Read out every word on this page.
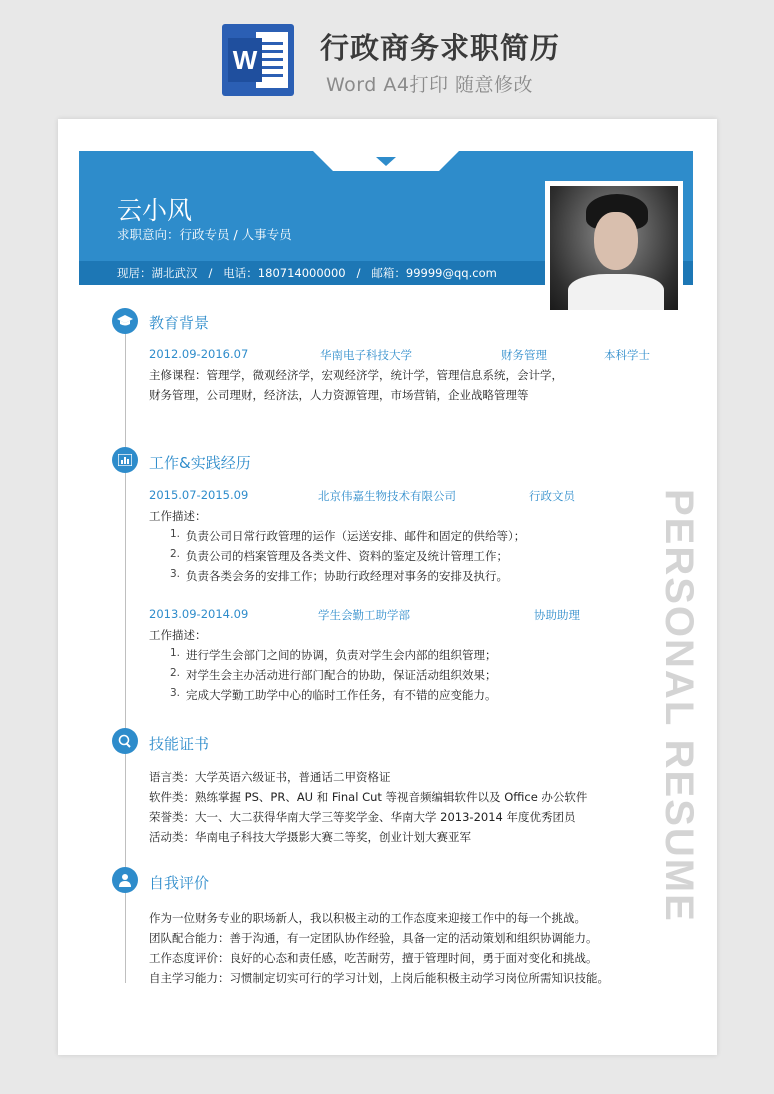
W 行政商务求职简历
Word A4打印 随意修改
云小风
求职意向：行政专员 / 人事专员
现居：湖北武汉   /   电话：180714000000   /   邮箱：99999@qq.com
PERSONAL RESUME
教育背景
2012.09-2016.07	华南电子科技大学	财务管理	本科学士
主修课程：管理学，微观经济学，宏观经济学，统计学，管理信息系统，会计学，
财务管理，公司理财，经济法，人力资源管理，市场营销，企业战略管理等
工作&实践经历
2015.07-2015.09	北京伟嘉生物技术有限公司	行政文员
工作描述：
1. 负责公司日常行政管理的运作（运送安排、邮件和固定的供给等）；
2. 负责公司的档案管理及各类文件、资料的鉴定及统计管理工作；
3. 负责各类会务的安排工作；协助行政经理对事务的安排及执行。
2013.09-2014.09	学生会勤工助学部	协助助理
工作描述：
1. 进行学生会部门之间的协调，负责对学生会内部的组织管理；
2. 对学生会主办活动进行部门配合的协助，保证活动组织效果；
3. 完成大学勤工助学中心的临时工作任务，有不错的应变能力。
技能证书
语言类：大学英语六级证书，普通话二甲资格证
软件类：熟练掌握 PS、PR、AU 和 Final Cut 等视音频编辑软件以及 Office 办公软件
荣誉类：大一、大二获得华南大学三等奖学金、华南大学 2013-2014 年度优秀团员
活动类：华南电子科技大学摄影大赛二等奖，创业计划大赛亚军
自我评价
作为一位财务专业的职场新人，我以积极主动的工作态度来迎接工作中的每一个挑战。
团队配合能力：善于沟通，有一定团队协作经验，具备一定的活动策划和组织协调能力。
工作态度评价：良好的心态和责任感，吃苦耐劳，擅于管理时间，勇于面对变化和挑战。
自主学习能力：习惯制定切实可行的学习计划，上岗后能积极主动学习岗位所需知识技能。
